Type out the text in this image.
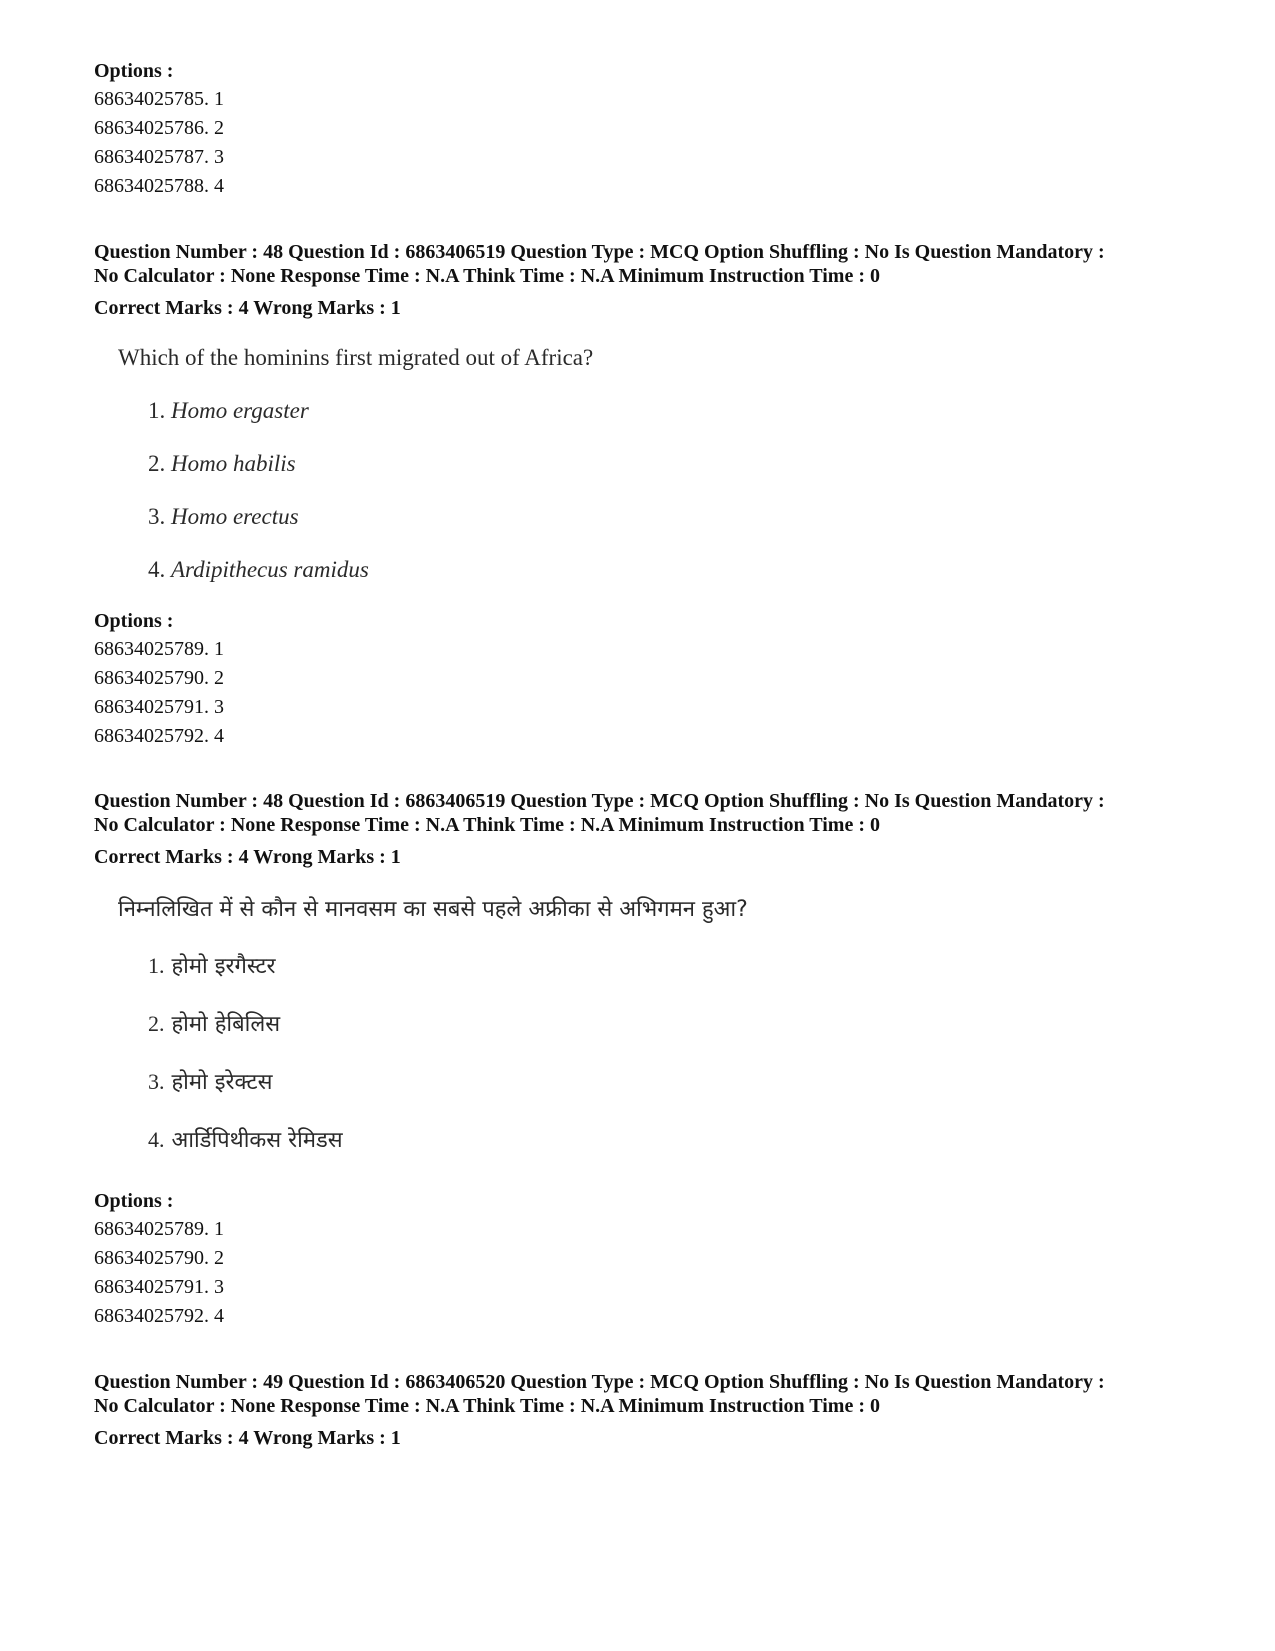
Options :
68634025785. 1
68634025786. 2
68634025787. 3
68634025788. 4
Question Number : 48 Question Id : 6863406519 Question Type : MCQ Option Shuffling : No Is Question Mandatory :
No Calculator : None Response Time : N.A Think Time : N.A Minimum Instruction Time : 0
Correct Marks : 4 Wrong Marks : 1
Which of the hominins first migrated out of Africa?
1. Homo ergaster
2. Homo habilis
3. Homo erectus
4. Ardipithecus ramidus
Options :
68634025789. 1
68634025790. 2
68634025791. 3
68634025792. 4
Question Number : 48 Question Id : 6863406519 Question Type : MCQ Option Shuffling : No Is Question Mandatory :
No Calculator : None Response Time : N.A Think Time : N.A Minimum Instruction Time : 0
Correct Marks : 4 Wrong Marks : 1
निम्नलिखित में से कौन से मानवसम का सबसे पहले अफ्रीका से अभिगमन हुआ?
1. होमो इरगैस्टर
2. होमो हेबिलिस
3. होमो इरेक्टस
4. आर्डिपिथीकस रेमिडस
Options :
68634025789. 1
68634025790. 2
68634025791. 3
68634025792. 4
Question Number : 49 Question Id : 6863406520 Question Type : MCQ Option Shuffling : No Is Question Mandatory :
No Calculator : None Response Time : N.A Think Time : N.A Minimum Instruction Time : 0
Correct Marks : 4 Wrong Marks : 1
